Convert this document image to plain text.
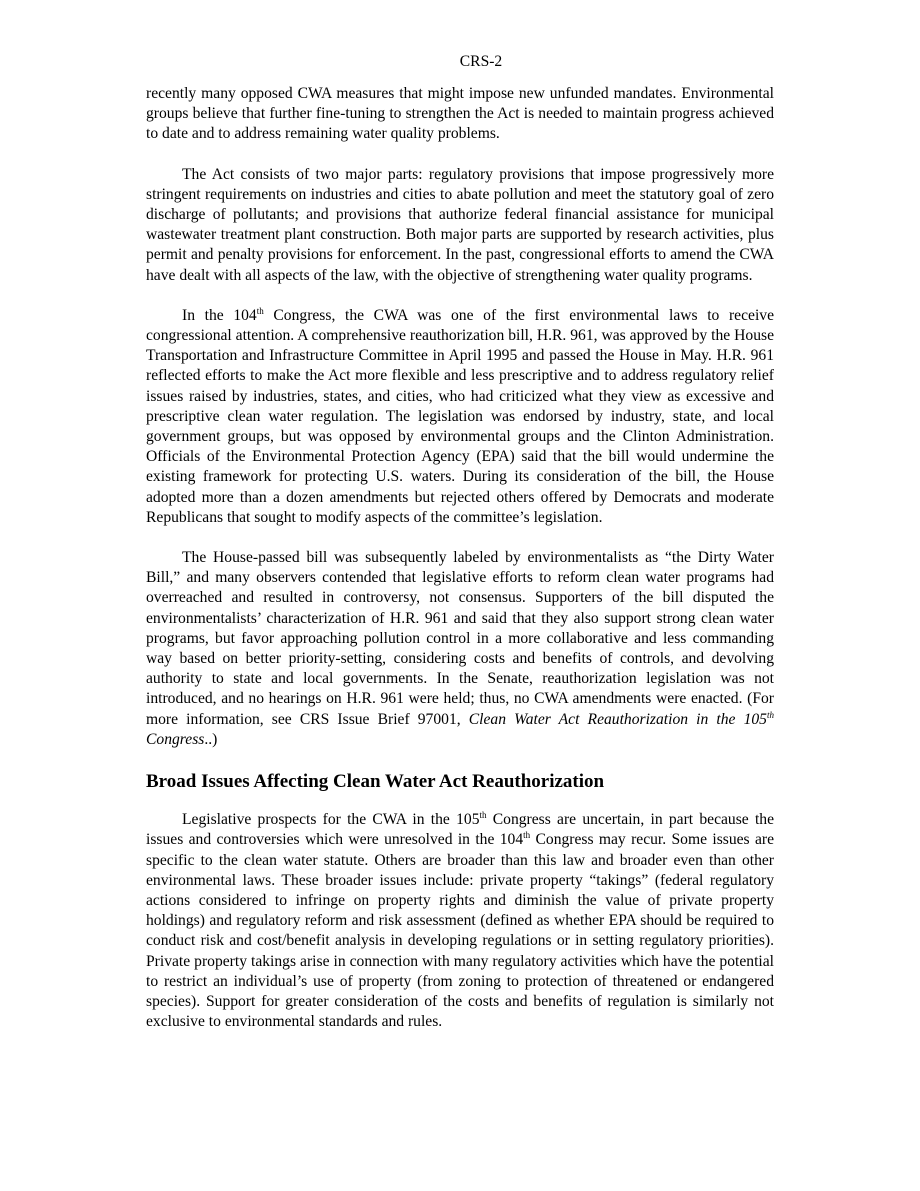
CRS-2

recently many opposed CWA measures that might impose new unfunded mandates. Environmental groups believe that further fine-tuning to strengthen the Act is needed to maintain progress achieved to date and to address remaining water quality problems.

The Act consists of two major parts: regulatory provisions that impose progressively more stringent requirements on industries and cities to abate pollution and meet the statutory goal of zero discharge of pollutants; and provisions that authorize federal financial assistance for municipal wastewater treatment plant construction. Both major parts are supported by research activities, plus permit and penalty provisions for enforcement. In the past, congressional efforts to amend the CWA have dealt with all aspects of the law, with the objective of strengthening water quality programs.

In the 104th Congress, the CWA was one of the first environmental laws to receive congressional attention. A comprehensive reauthorization bill, H.R. 961, was approved by the House Transportation and Infrastructure Committee in April 1995 and passed the House in May. H.R. 961 reflected efforts to make the Act more flexible and less prescriptive and to address regulatory relief issues raised by industries, states, and cities, who had criticized what they view as excessive and prescriptive clean water regulation. The legislation was endorsed by industry, state, and local government groups, but was opposed by environmental groups and the Clinton Administration. Officials of the Environmental Protection Agency (EPA) said that the bill would undermine the existing framework for protecting U.S. waters. During its consideration of the bill, the House adopted more than a dozen amendments but rejected others offered by Democrats and moderate Republicans that sought to modify aspects of the committee’s legislation.

The House-passed bill was subsequently labeled by environmentalists as “the Dirty Water Bill,” and many observers contended that legislative efforts to reform clean water programs had overreached and resulted in controversy, not consensus. Supporters of the bill disputed the environmentalists’ characterization of H.R. 961 and said that they also support strong clean water programs, but favor approaching pollution control in a more collaborative and less commanding way based on better priority-setting, considering costs and benefits of controls, and devolving authority to state and local governments. In the Senate, reauthorization legislation was not introduced, and no hearings on H.R. 961 were held; thus, no CWA amendments were enacted. (For more information, see CRS Issue Brief 97001, Clean Water Act Reauthorization in the 105th Congress..)

Broad Issues Affecting Clean Water Act Reauthorization

Legislative prospects for the CWA in the 105th Congress are uncertain, in part because the issues and controversies which were unresolved in the 104th Congress may recur. Some issues are specific to the clean water statute. Others are broader than this law and broader even than other environmental laws. These broader issues include: private property “takings” (federal regulatory actions considered to infringe on property rights and diminish the value of private property holdings) and regulatory reform and risk assessment (defined as whether EPA should be required to conduct risk and cost/benefit analysis in developing regulations or in setting regulatory priorities). Private property takings arise in connection with many regulatory activities which have the potential to restrict an individual’s use of property (from zoning to protection of threatened or endangered species). Support for greater consideration of the costs and benefits of regulation is similarly not exclusive to environmental standards and rules.
